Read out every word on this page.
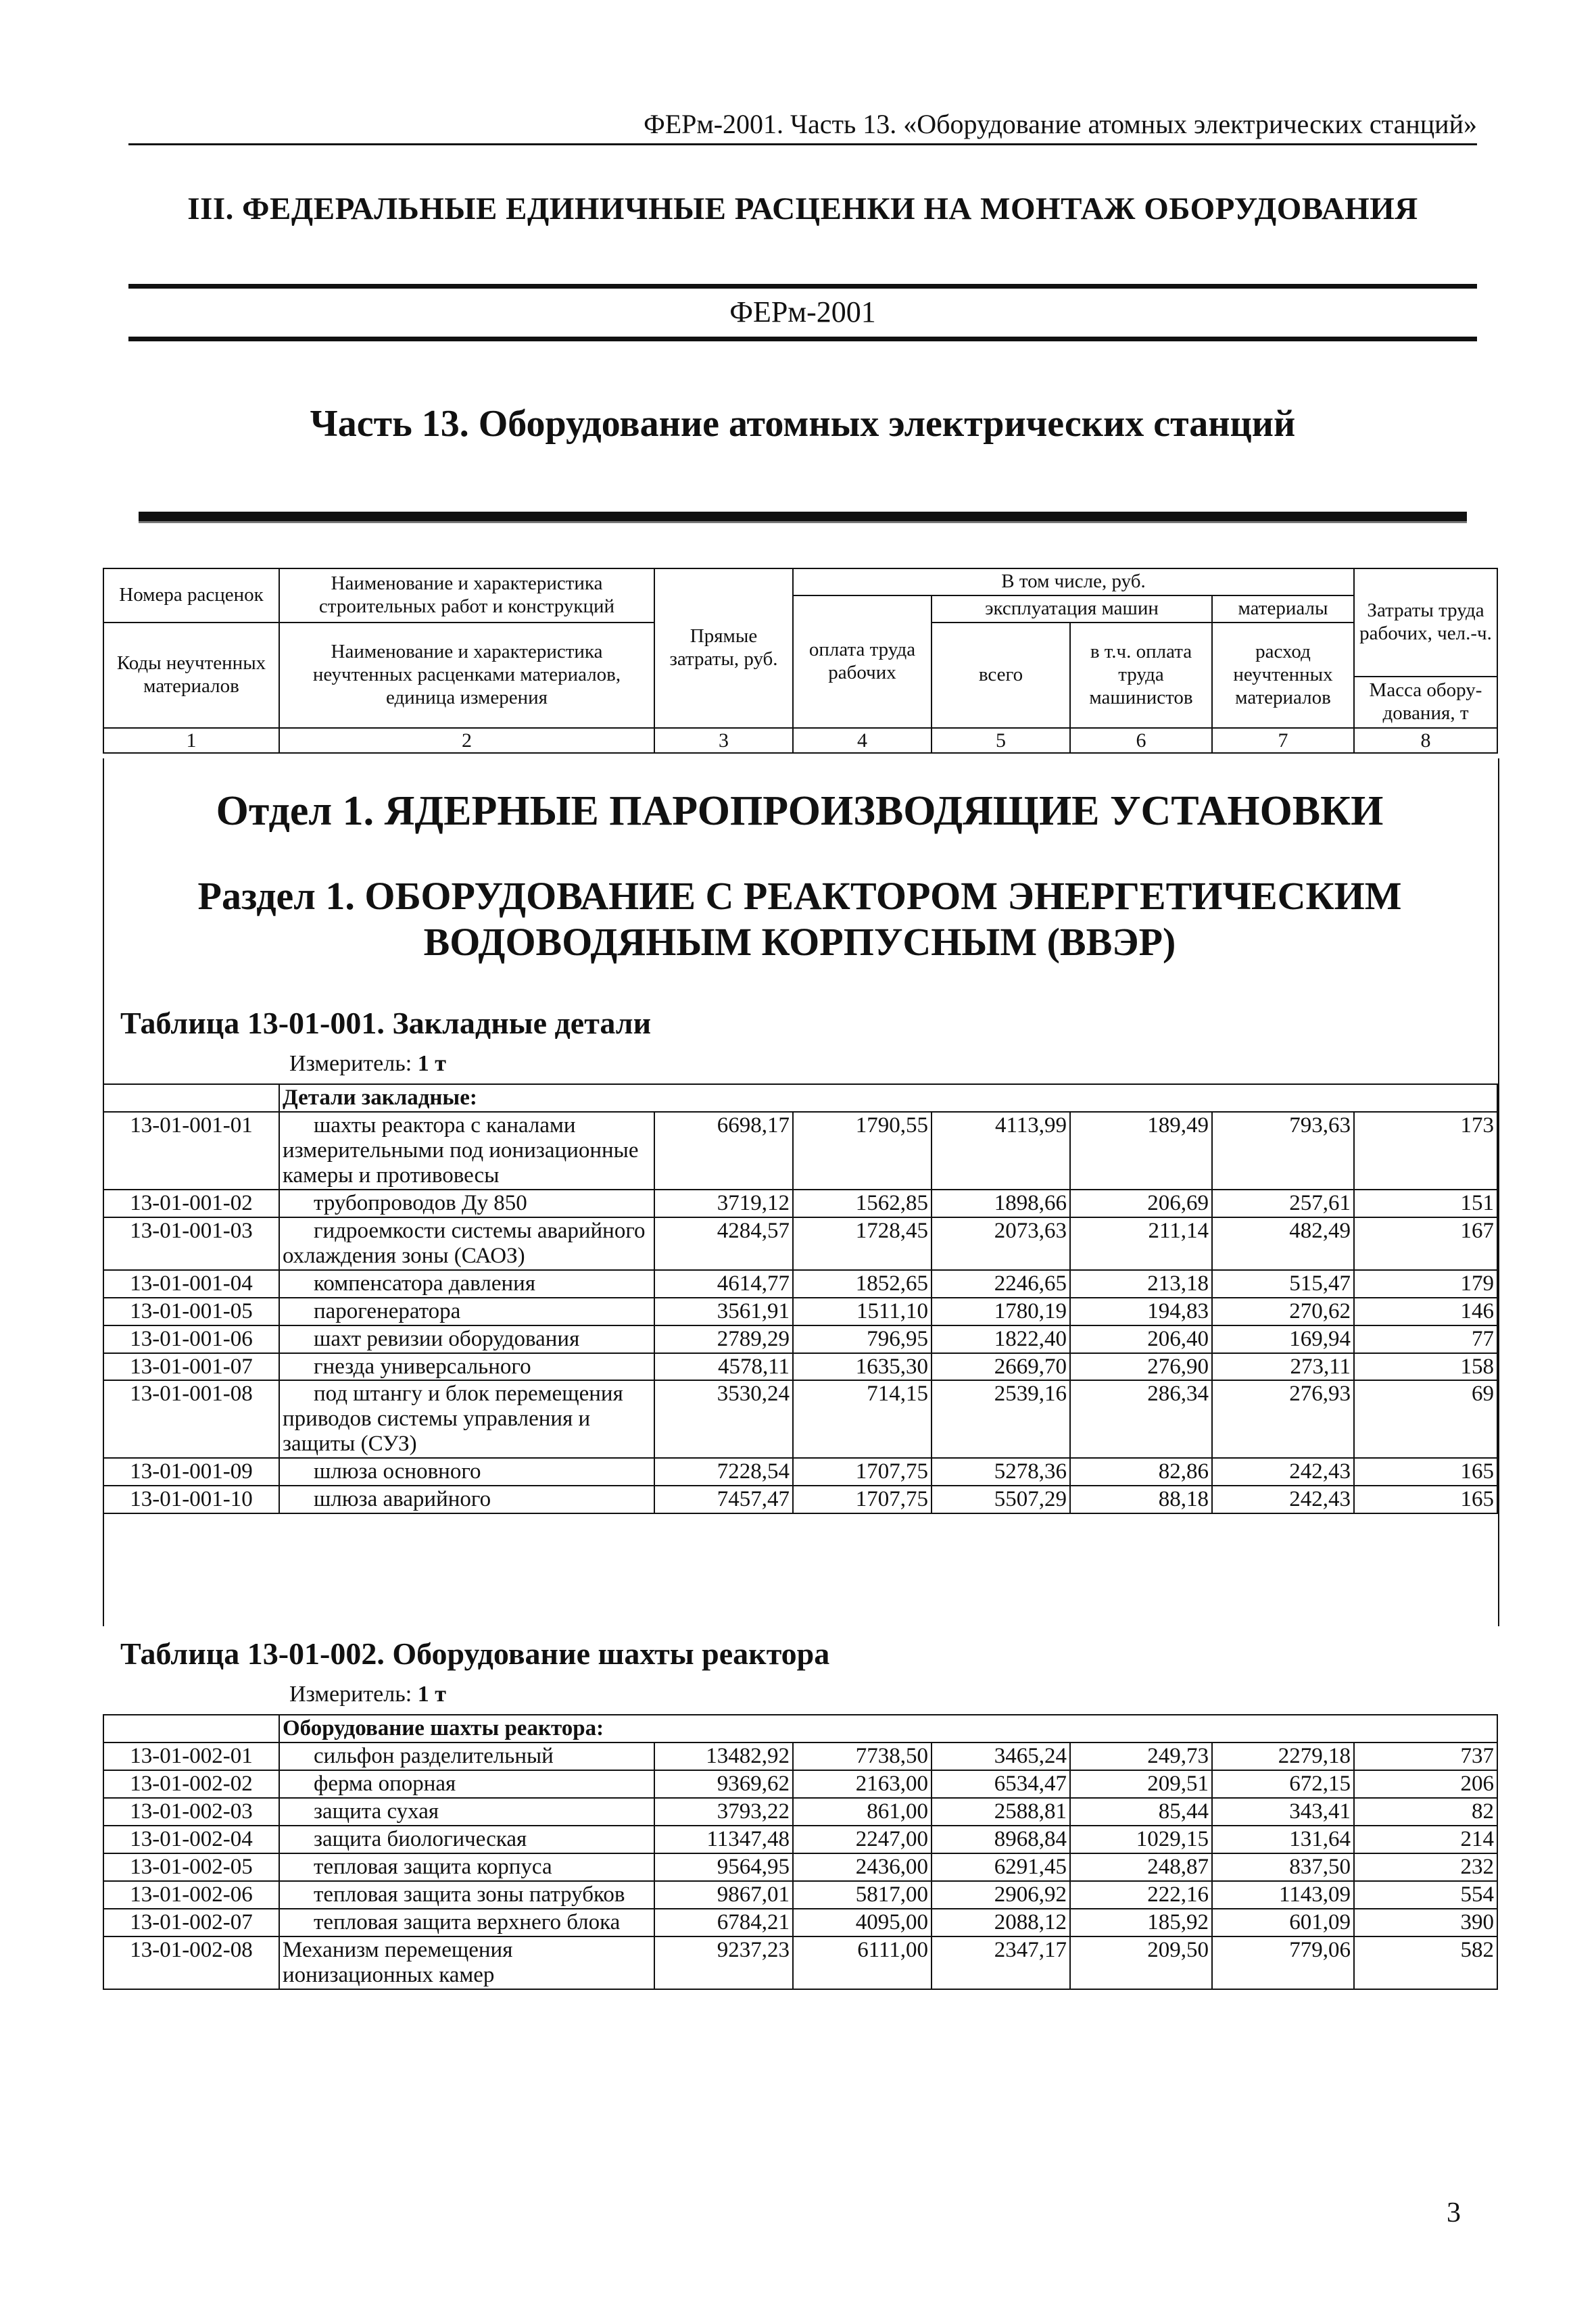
ФЕРм-2001. Часть 13. «Оборудование атомных электрических станций»
III. ФЕДЕРАЛЬНЫЕ ЕДИНИЧНЫЕ РАСЦЕНКИ НА МОНТАЖ ОБОРУДОВАНИЯ
ФЕРм-2001
Часть 13. Оборудование атомных электрических станций
Номера расценок	Наименование и характеристика строительных работ и конструкций	Прямые затраты, руб.	В том числе, руб.				Затраты труда рабочих, чел.-ч.
			оплата труда рабочих	эксплуатация машин		материалы	
Коды неучтенных материалов	Наименование и характеристика неучтенных расценками материалов, единица измерения			всего	в т.ч. оплата труда машинистов	расход неучтенных материалов	
							Масса обору-дования, т
1	2	3	4	5	6	7	8
Отдел 1. ЯДЕРНЫЕ ПАРОПРОИЗВОДЯЩИЕ УСТАНОВКИ
Раздел 1. ОБОРУДОВАНИЕ С РЕАКТОРОМ ЭНЕРГЕТИЧЕСКИМ
ВОДОВОДЯНЫМ КОРПУСНЫМ (ВВЭР)
Таблица 13-01-001. Закладные детали
Измеритель: 1 т
	Детали закладные:						
13-01-001-01	шахты реактора с каналами измерительными под ионизационные камеры и противовесы	6698,17	1790,55	4113,99	189,49	793,63	173
13-01-001-02	трубопроводов Ду 850	3719,12	1562,85	1898,66	206,69	257,61	151
13-01-001-03	гидроемкости системы аварийного охлаждения зоны (САОЗ)	4284,57	1728,45	2073,63	211,14	482,49	167
13-01-001-04	компенсатора давления	4614,77	1852,65	2246,65	213,18	515,47	179
13-01-001-05	парогенератора	3561,91	1511,10	1780,19	194,83	270,62	146
13-01-001-06	шахт ревизии оборудования	2789,29	796,95	1822,40	206,40	169,94	77
13-01-001-07	гнезда универсального	4578,11	1635,30	2669,70	276,90	273,11	158
13-01-001-08	под штангу и блок перемещения приводов системы управления и защиты (СУЗ)	3530,24	714,15	2539,16	286,34	276,93	69
13-01-001-09	шлюза основного	7228,54	1707,75	5278,36	82,86	242,43	165
13-01-001-10	шлюза аварийного	7457,47	1707,75	5507,29	88,18	242,43	165
Таблица 13-01-002. Оборудование шахты реактора
Измеритель: 1 т
	Оборудование шахты реактора:						
13-01-002-01	сильфон разделительный	13482,92	7738,50	3465,24	249,73	2279,18	737
13-01-002-02	ферма опорная	9369,62	2163,00	6534,47	209,51	672,15	206
13-01-002-03	защита сухая	3793,22	861,00	2588,81	85,44	343,41	82
13-01-002-04	защита биологическая	11347,48	2247,00	8968,84	1029,15	131,64	214
13-01-002-05	тепловая защита корпуса	9564,95	2436,00	6291,45	248,87	837,50	232
13-01-002-06	тепловая защита зоны патрубков	9867,01	5817,00	2906,92	222,16	1143,09	554
13-01-002-07	тепловая защита верхнего блока	6784,21	4095,00	2088,12	185,92	601,09	390
13-01-002-08	Механизм перемещения ионизационных камер	9237,23	6111,00	2347,17	209,50	779,06	582
3
